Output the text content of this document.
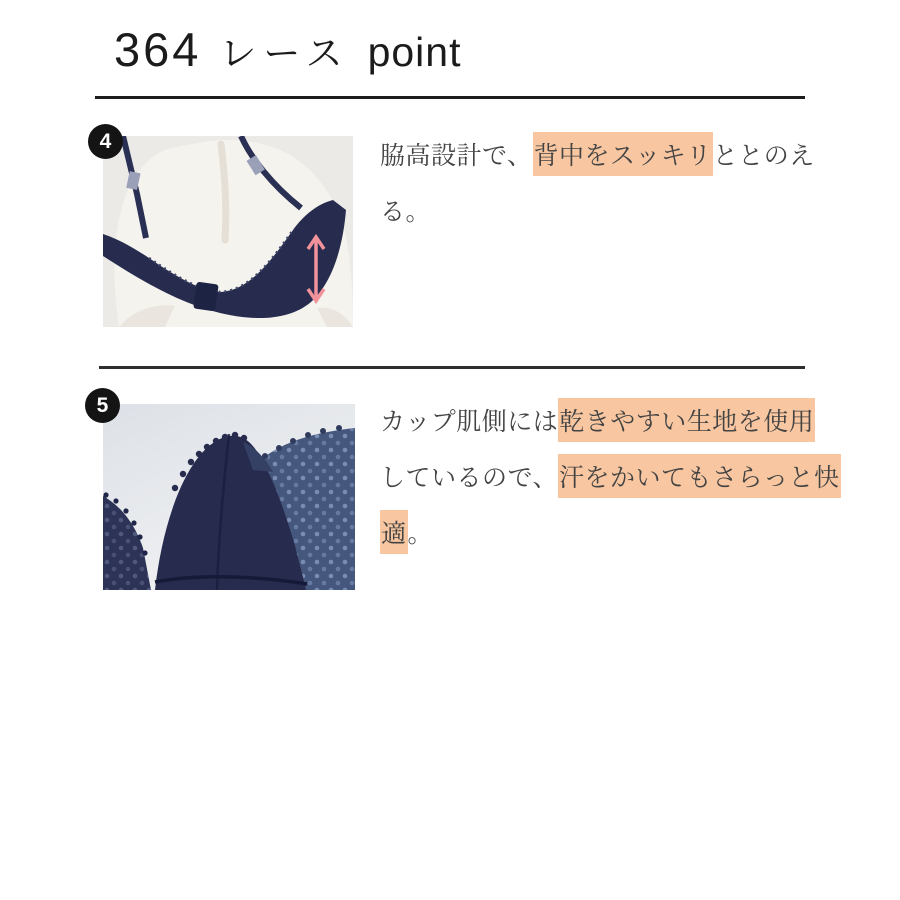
364 レース point
4

脇高設計で、 背中をスッキリ ととのえ

る。

5

カップ肌側には 乾きやすい生地を使用

しているので、 汗をかいてもさらっと快

適 。
